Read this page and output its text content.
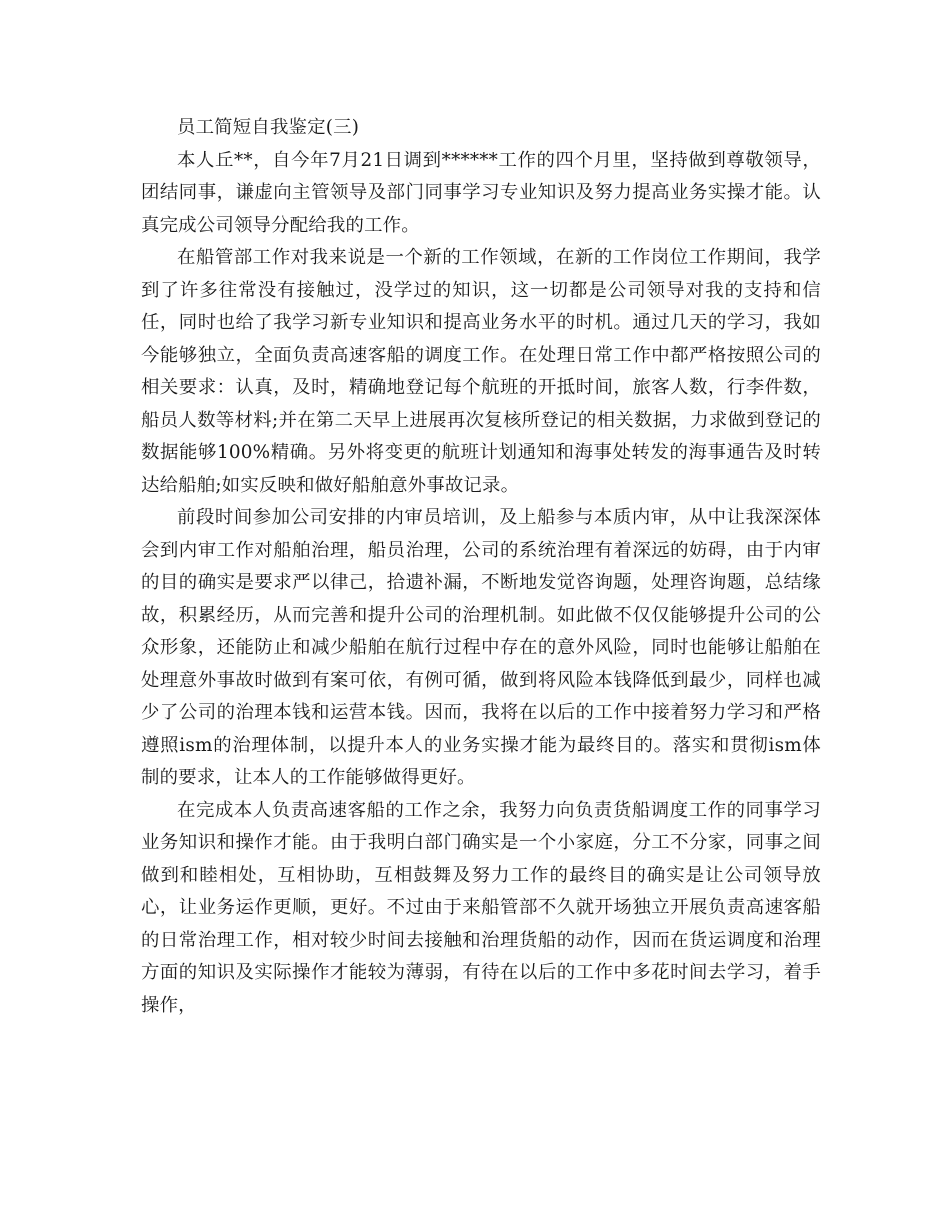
员工简短自我鉴定(三)

本人丘**，自今年7月21日调到******工作的四个月里，坚持做到尊敬领导，团结同事，谦虚向主管领导及部门同事学习专业知识及努力提高业务实操才能。认真完成公司领导分配给我的工作。

在船管部工作对我来说是一个新的工作领域，在新的工作岗位工作期间，我学到了许多往常没有接触过，没学过的知识，这一切都是公司领导对我的支持和信任，同时也给了我学习新专业知识和提高业务水平的时机。通过几天的学习，我如今能够独立，全面负责高速客船的调度工作。在处理日常工作中都严格按照公司的相关要求：认真，及时，精确地登记每个航班的开抵时间，旅客人数，行李件数，船员人数等材料;并在第二天早上进展再次复核所登记的相关数据，力求做到登记的数据能够100%精确。另外将变更的航班计划通知和海事处转发的海事通告及时转达给船舶;如实反映和做好船舶意外事故记录。

前段时间参加公司安排的内审员培训，及上船参与本质内审，从中让我深深体会到内审工作对船舶治理，船员治理，公司的系统治理有着深远的妨碍，由于内审的目的确实是要求严以律己，拾遗补漏，不断地发觉咨询题，处理咨询题，总结缘故，积累经历，从而完善和提升公司的治理机制。如此做不仅仅能够提升公司的公众形象，还能防止和减少船舶在航行过程中存在的意外风险，同时也能够让船舶在处理意外事故时做到有案可依，有例可循，做到将风险本钱降低到最少，同样也减少了公司的治理本钱和运营本钱。因而，我将在以后的工作中接着努力学习和严格遵照ism的治理体制，以提升本人的业务实操才能为最终目的。落实和贯彻ism体制的要求，让本人的工作能够做得更好。

在完成本人负责高速客船的工作之余，我努力向负责货船调度工作的同事学习业务知识和操作才能。由于我明白部门确实是一个小家庭，分工不分家，同事之间做到和睦相处，互相协助，互相鼓舞及努力工作的最终目的确实是让公司领导放心，让业务运作更顺，更好。不过由于来船管部不久就开场独立开展负责高速客船的日常治理工作，相对较少时间去接触和治理货船的动作，因而在货运调度和治理方面的知识及实际操作才能较为薄弱，有待在以后的工作中多花时间去学习，着手操作，
